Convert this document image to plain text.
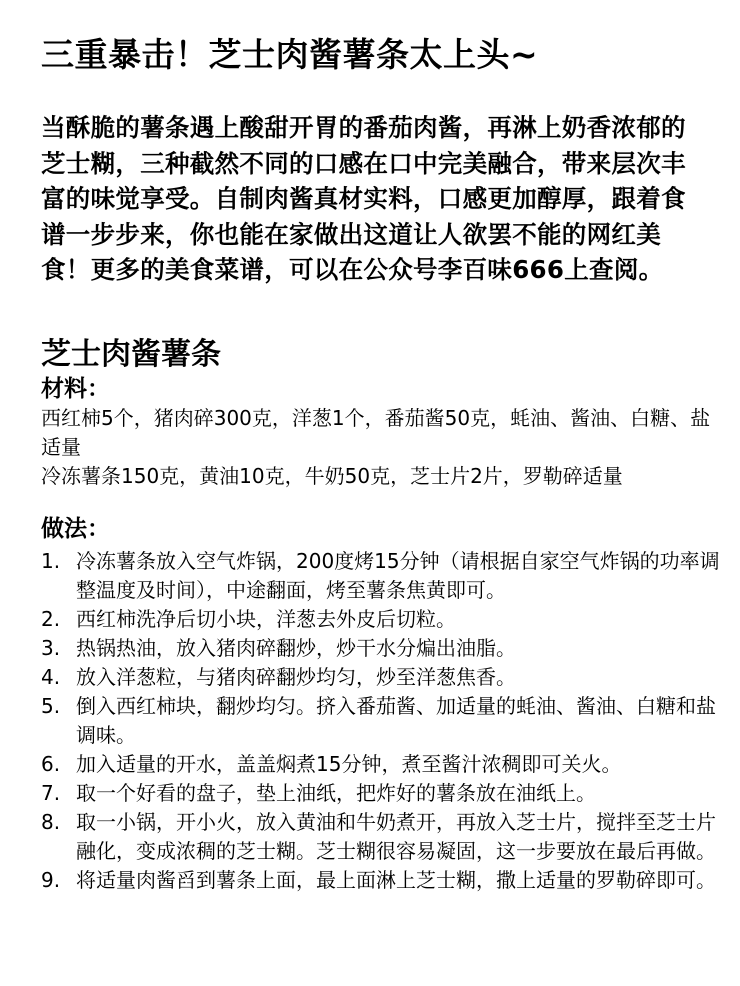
三重暴击！芝士肉酱薯条太上头~

当酥脆的薯条遇上酸甜开胃的番茄肉酱，再淋上奶香浓郁的芝士糊，三种截然不同的口感在口中完美融合，带来层次丰富的味觉享受。自制肉酱真材实料，口感更加醇厚，跟着食谱一步步来，你也能在家做出这道让人欲罢不能的网红美食！更多的美食菜谱，可以在公众号李百味666上查阅。

芝士肉酱薯条
材料：

西红柿5个，猪肉碎300克，洋葱1个，番茄酱50克，蚝油、酱油、白糖、盐适量

冷冻薯条150克，黄油10克，牛奶50克，芝士片2片，罗勒碎适量

做法：
1. 冷冻薯条放入空气炸锅，200度烤15分钟（请根据自家空气炸锅的功率调整温度及时间），中途翻面，烤至薯条焦黄即可。
2. 西红柿洗净后切小块，洋葱去外皮后切粒。
3. 热锅热油，放入猪肉碎翻炒，炒干水分煸出油脂。
4. 放入洋葱粒，与猪肉碎翻炒均匀，炒至洋葱焦香。
5. 倒入西红柿块，翻炒均匀。挤入番茄酱、加适量的蚝油、酱油、白糖和盐调味。
6. 加入适量的开水，盖盖焖煮15分钟，煮至酱汁浓稠即可关火。
7. 取一个好看的盘子，垫上油纸，把炸好的薯条放在油纸上。
8. 取一小锅，开小火，放入黄油和牛奶煮开，再放入芝士片，搅拌至芝士片融化，变成浓稠的芝士糊。芝士糊很容易凝固，这一步要放在最后再做。
9. 将适量肉酱舀到薯条上面，最上面淋上芝士糊，撒上适量的罗勒碎即可。
